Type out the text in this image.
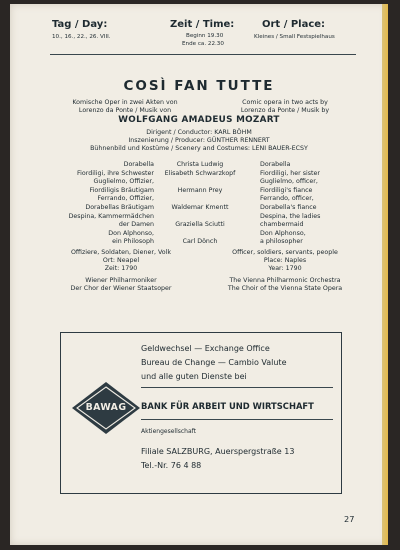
Tag / Day:
10., 16., 22., 26. VIII.
Zeit / Time:
Beginn 19.30
Ende ca. 22.30
Ort / Place:
Kleines / Small Festspielhaus
COSÌ FAN TUTTE
Komische Oper in zwei Akten von
Lorenzo da Ponte / Musik von
Comic opera in two acts by
Lorenzo da Ponte / Musik by
WOLFGANG AMADEUS MOZART
Dirigent / Conductor: KARL BÖHM
Inszenierung / Producer: GÜNTHER RENNERT
Bühnenbild und Kostüme / Scenery and Costumes: LENI BAUER-ECSY
Dorabella
Fiordiligi, ihre Schwester
Guglielmo, Offizier,
Fiordiligis Bräutigam
Ferrando, Offizier,
Dorabellas Bräutigam
Despina, Kammermädchen
der Damen
Don Alphonso,
ein Philosoph
Christa Ludwig
Elisabeth Schwarzkopf

Hermann Prey

Waldemar Kmentt

Graziella Sciutti

Carl Dönch
Dorabella
Fiordiligi, her sister
Guglielmo, officer,
Fiordiligi's fiance
Ferrando, officer,
Dorabella's fiance
Despina, the ladies
chambermaid
Don Alphonso,
a philosopher
Offiziere, Soldaten, Diener, Volk
Ort: Neapel
Zeit: 1790
Officer, soldiers, servants, people
Place: Naples
Year: 1790
Wiener Philharmoniker
Der Chor der Wiener Staatsoper
The Vienna Philharmonic Orchestra
The Choir of the Vienna State Opera
Geldwechsel — Exchange Office
Bureau de Change — Cambio Valute
und alle guten Dienste bei
BAWAG	BANK FÜR ARBEIT UND WIRTSCHAFT
Aktiengesellschaft
Filiale SALZBURG, Auerspergstraße 13
Tel.-Nr. 76 4 88
27
